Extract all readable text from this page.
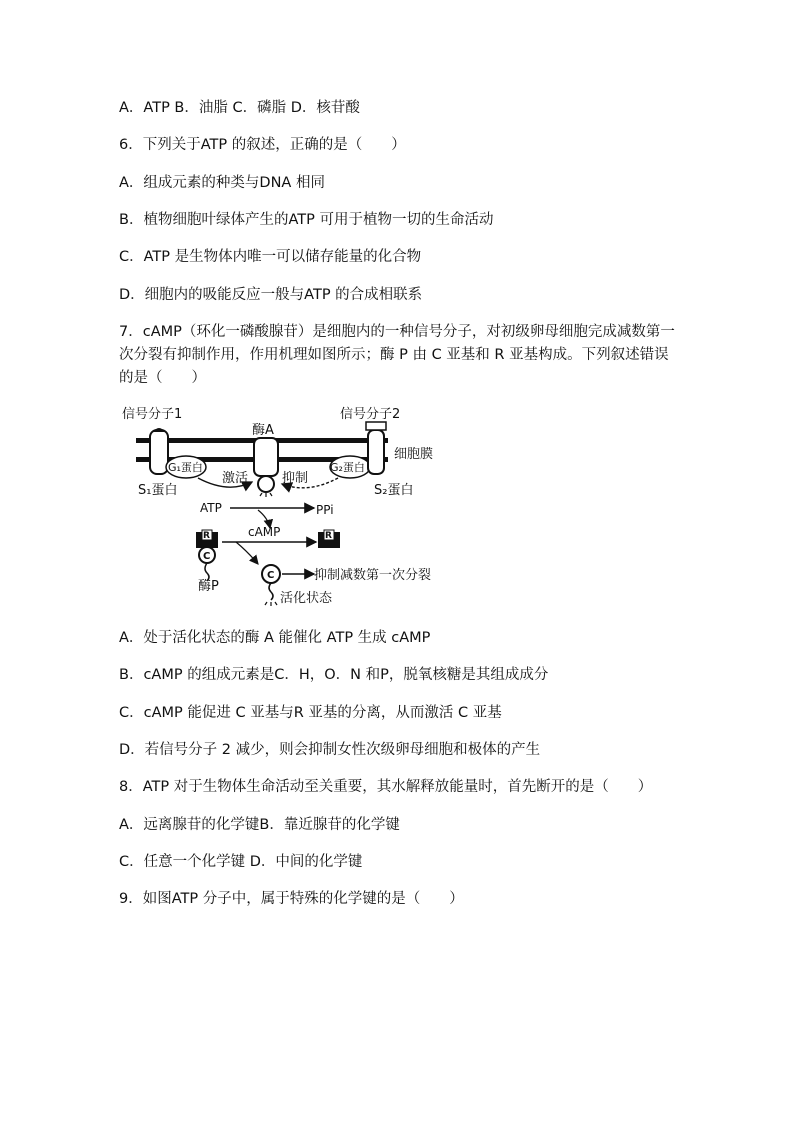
A．ATP B．油脂 C．磷脂 D．核苷酸
6．下列关于ATP 的叙述，正确的是（　　）
A．组成元素的种类与DNA 相同
B．植物细胞叶绿体产生的ATP 可用于植物一切的生命活动
C．ATP 是生物体内唯一可以储存能量的化合物
D．细胞内的吸能反应一般与ATP 的合成相联系
7．cAMP（环化一磷酸腺苷）是细胞内的一种信号分子，对初级卵母细胞完成减数第一次分裂有抑制作用，作用机理如图所示；酶 P 由 C 亚基和 R 亚基构成。下列叙述错误的是（　　）
信号分子1	信号分子2
酶A
细胞膜
G₁蛋白	G₂蛋白
S₁蛋白	S₂蛋白
激活	抑制
ATP	PPi
cAMP
R	R
C
C
酶P
抑制减数第一次分裂
活化状态
A．处于活化状态的酶 A 能催化 ATP 生成 cAMP
B．cAMP 的组成元素是C．H，O．N 和P，脱氧核糖是其组成成分
C．cAMP 能促进 C 亚基与R 亚基的分离，从而激活 C 亚基
D．若信号分子 2 减少，则会抑制女性次级卵母细胞和极体的产生
8．ATP 对于生物体生命活动至关重要，其水解释放能量时，首先断开的是（　　）
A．远离腺苷的化学键B．靠近腺苷的化学键
C．任意一个化学键 D．中间的化学键
9．如图ATP 分子中，属于特殊的化学键的是（　　）
